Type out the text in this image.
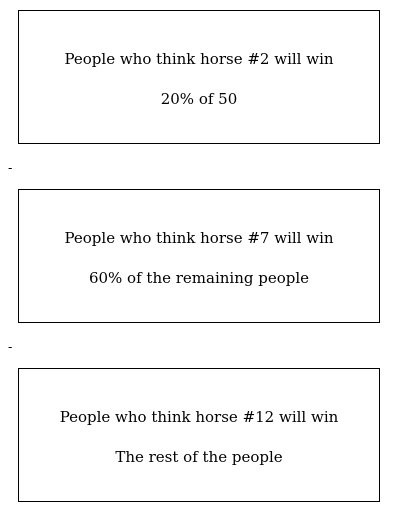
People who think horse #2 will win
20% of 50
-
People who think horse #7 will win
60% of the remaining people
-
People who think horse #12 will win
The rest of the people
